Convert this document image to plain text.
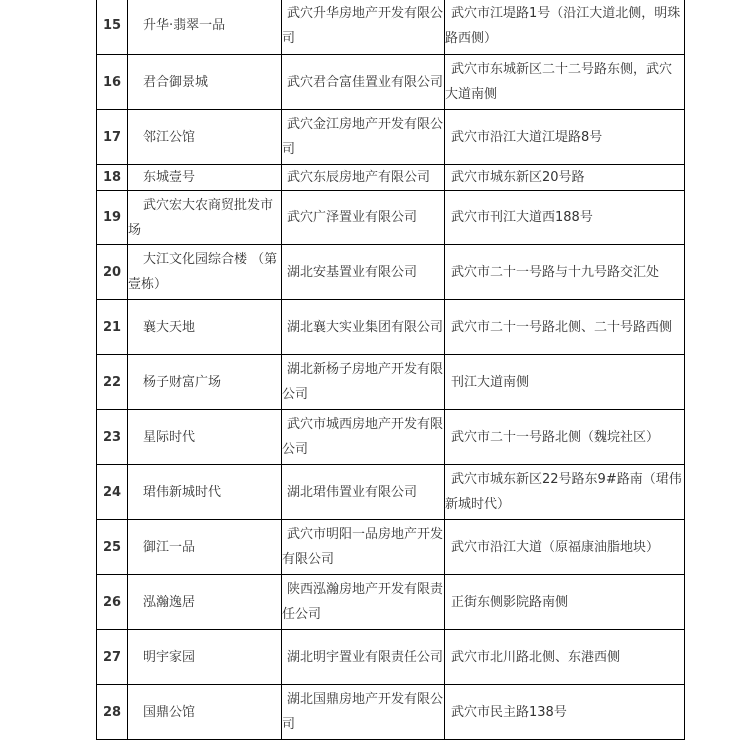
15	升华·翡翠一品	武穴升华房地产开发有限公司	武穴市江堤路1号（沿江大道北侧，明珠路西侧）

16	君合御景城	武穴君合富佳置业有限公司	武穴市东城新区二十二号路东侧，武穴大道南侧

17	邻江公馆	武穴金江房地产开发有限公司	武穴市沿江大道江堤路8号

18	东城壹号	武穴东辰房地产有限公司	武穴市城东新区20号路

19	武穴宏大农商贸批发市场	武穴广泽置业有限公司	武穴市刊江大道西188号

20	大江文化园综合楼 （第壹栋）	湖北安基置业有限公司	武穴市二十一号路与十九号路交汇处

21	襄大天地	湖北襄大实业集团有限公司	武穴市二十一号路北侧、二十号路西侧

22	杨子财富广场	湖北新杨子房地产开发有限公司	刊江大道南侧

23	星际时代	武穴市城西房地产开发有限公司	武穴市二十一号路北侧（魏垸社区）

24	珺伟新城时代	湖北珺伟置业有限公司	武穴市城东新区22号路东9#路南（珺伟新城时代）

25	御江一品	武穴市明阳一品房地产开发有限公司	武穴市沿江大道（原福康油脂地块）

26	泓瀚逸居	陕西泓瀚房地产开发有限责任公司	正街东侧影院路南侧

27	明宇家园	湖北明宇置业有限责任公司	武穴市北川路北侧、东港西侧

28	国鼎公馆	湖北国鼎房地产开发有限公司	武穴市民主路138号
